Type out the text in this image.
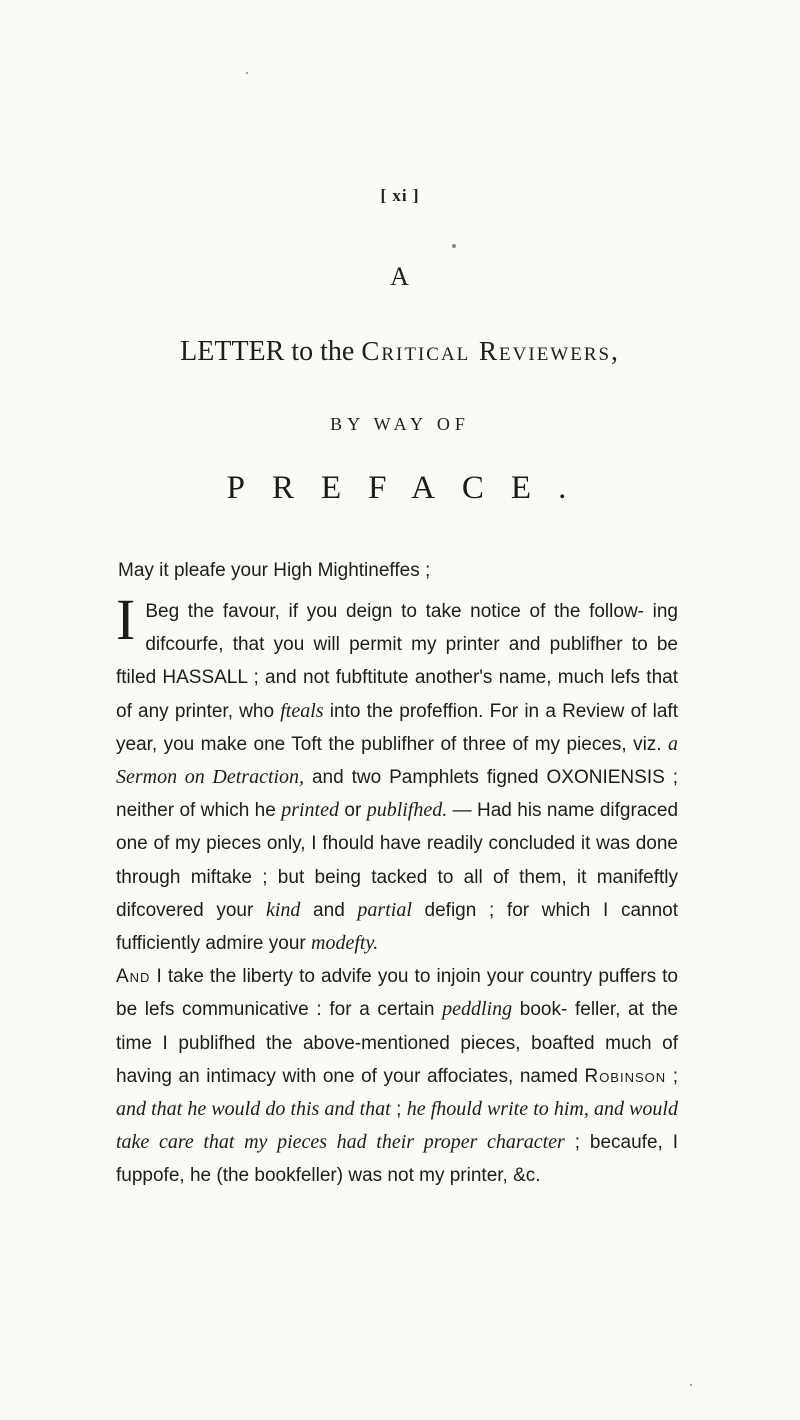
[ xi ]
A
LETTER to the Critical Reviewers,
BY WAY OF
PREFACE.
May it pleafe your High Mightineffes ;

I Beg the favour, if you deign to take notice of the follow- ing difcourfe, that you will permit my printer and publifher to be ftiled HASSALL ; and not fubftitute another's name, much lefs that of any printer, who fteals into the profeffion. For in a Review of laft year, you make one Toft the publifher of three of my pieces, viz. a Sermon on Detraction, and two Pamphlets figned OXONIENSIS ; neither of which he printed or publifhed. — Had his name difgraced one of my pieces only, I fhould have readily concluded it was done through miftake ; but being tacked to all of them, it manifeftly difcovered your kind and partial defign ; for which I cannot fufficiently admire your modefty.

And I take the liberty to advife you to injoin your country puffers to be lefs communicative : for a certain peddling book- feller, at the time I publifhed the above-mentioned pieces, boafted much of having an intimacy with one of your affociates, named Robinson ; and that he would do this and that ; he fhould write to him, and would take care that my pieces had their proper character ; becaufe, I fuppofe, he (the bookfeller) was not my printer, &c.
